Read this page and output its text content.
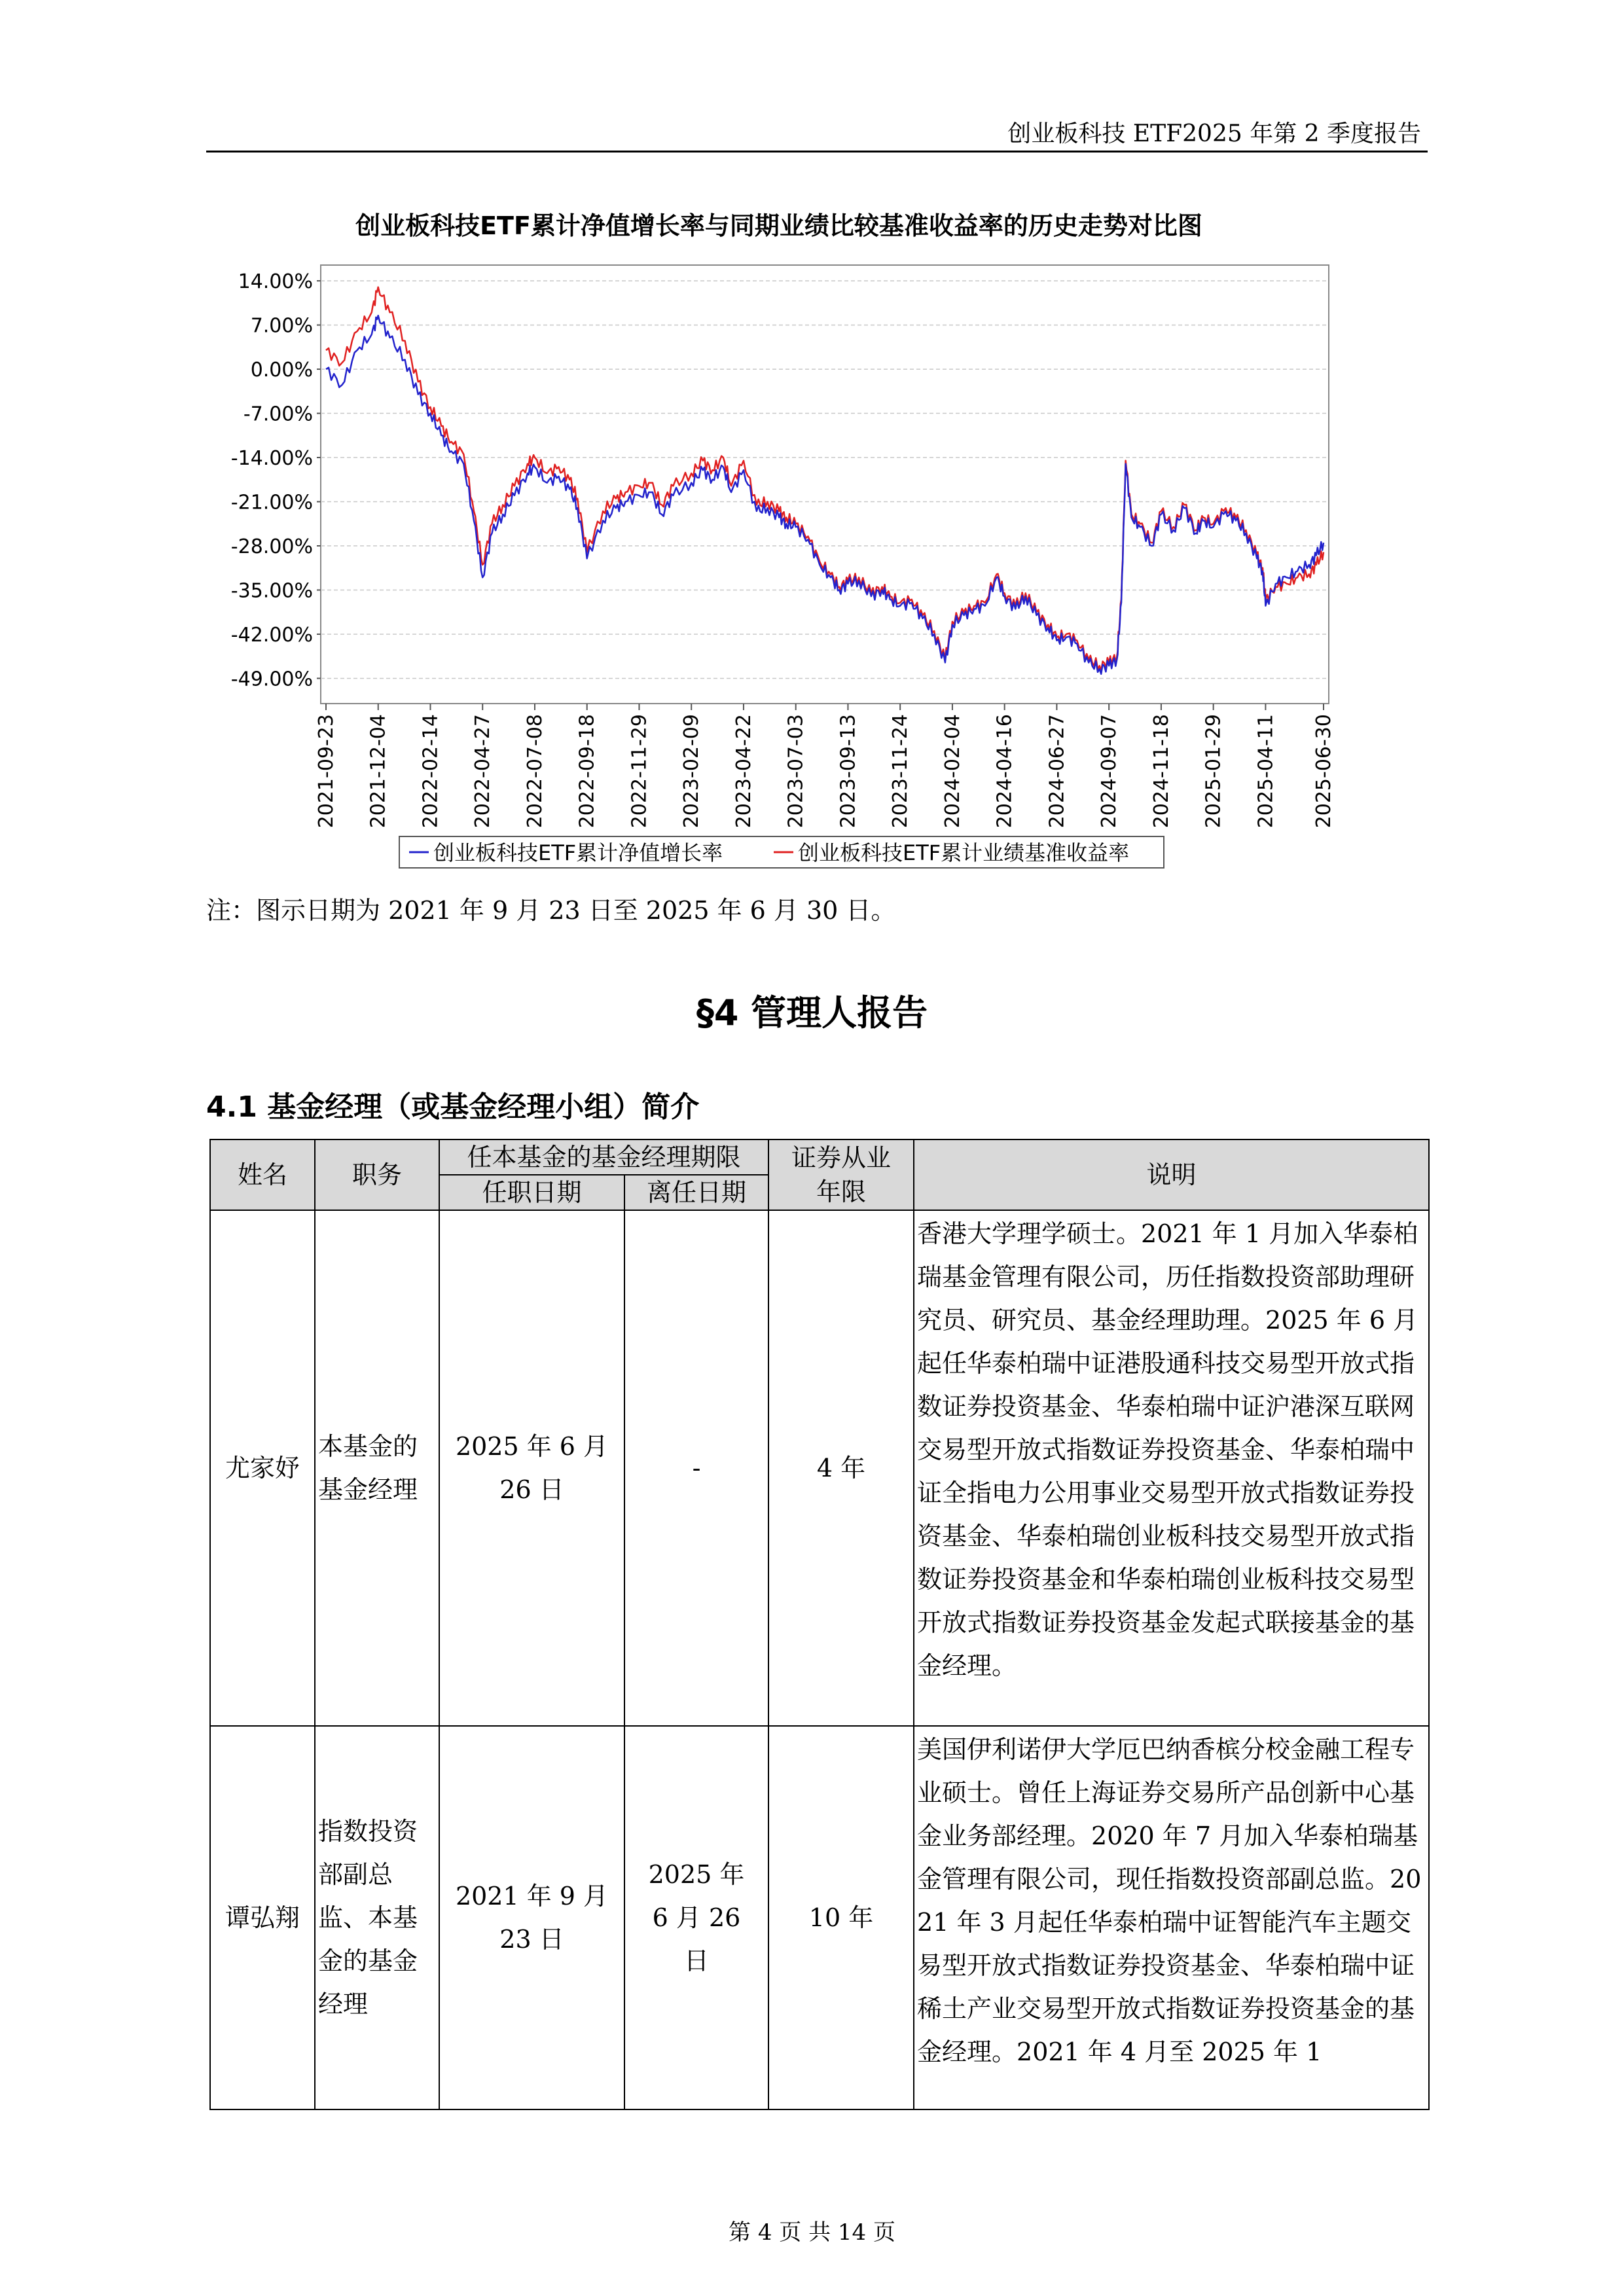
创业板科技 ETF2025 年第 2 季度报告
创业板科技ETF累计净值增长率与同期业绩比较基准收益率的历史走势对比图
14.00%
7.00%
0.00%
-7.00%
-14.00%
-21.00%
-28.00%
-35.00%
-42.00%
-49.00%
2021-09-23 2021-12-04 2022-02-14 2022-04-27 2022-07-08 2022-09-18 2022-11-29 2023-02-09 2023-04-22 2023-07-03 2023-09-13 2023-11-24 2024-02-04 2024-04-16 2024-06-27 2024-09-07 2024-11-18 2025-01-29 2025-04-11 2025-06-30
创业板科技ETF累计净值增长率	创业板科技ETF累计业绩基准收益率
注：图示日期为 2021 年 9 月 23 日至 2025 年 6 月 30 日。
§4 管理人报告
4.1 基金经理（或基金经理小组）简介
姓名	职务	任本基金的基金经理期限		证券从业年限	说明
		任职日期	离任日期		
尤家妤	本基金的基金经理	2025 年 6 月 26 日	-	4 年	香港大学理学硕士。2021 年 1 月加入华泰柏瑞基金管理有限公司，历任指数投资部助理研究员、研究员、基金经理助理。2025 年 6 月起任华泰柏瑞中证港股通科技交易型开放式指数证券投资基金、华泰柏瑞中证沪港深互联网交易型开放式指数证券投资基金、华泰柏瑞中证全指电力公用事业交易型开放式指数证券投资基金、华泰柏瑞创业板科技交易型开放式指数证券投资基金和华泰柏瑞创业板科技交易型开放式指数证券投资基金发起式联接基金的基金经理。
谭弘翔	指数投资部副总监、本基金的基金经理	2021 年 9 月 23 日	2025 年 6 月 26 日	10 年	美国伊利诺伊大学厄巴纳香槟分校金融工程专业硕士。曾任上海证券交易所产品创新中心基金业务部经理。2020 年 7 月加入华泰柏瑞基金管理有限公司，现任指数投资部副总监。2021 年 3 月起任华泰柏瑞中证智能汽车主题交易型开放式指数证券投资基金、华泰柏瑞中证稀土产业交易型开放式指数证券投资基金的基金经理。2021 年 4 月至 2025 年 1
第 4 页 共 14 页
